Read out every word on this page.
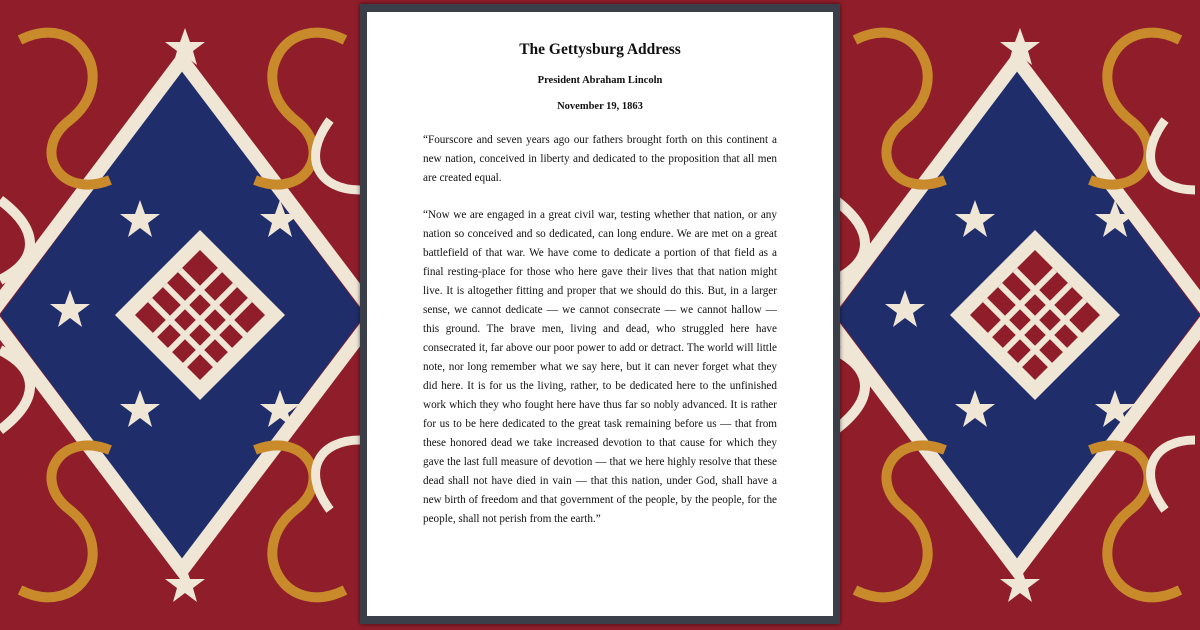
The Gettysburg Address

President Abraham Lincoln

November 19, 1863

“Fourscore and seven years ago our fathers brought forth on this continent a new nation, conceived in liberty and dedicated to the proposition that all men are created equal.

“Now we are engaged in a great civil war, testing whether that nation, or any nation so conceived and so dedicated, can long endure. We are met on a great battlefield of that war. We have come to dedicate a portion of that field as a final resting-place for those who here gave their lives that that nation might live. It is altogether fitting and proper that we should do this. But, in a larger sense, we cannot dedicate — we cannot consecrate — we cannot hallow — this ground. The brave men, living and dead, who struggled here have consecrated it, far above our poor power to add or detract. The world will little note, nor long remember what we say here, but it can never forget what they did here. It is for us the living, rather, to be dedicated here to the unfinished work which they who fought here have thus far so nobly advanced. It is rather for us to be here dedicated to the great task remaining before us — that from these honored dead we take increased devotion to that cause for which they gave the last full measure of devotion — that we here highly resolve that these dead shall not have died in vain — that this nation, under God, shall have a new birth of freedom and that government of the people, by the people, for the people, shall not perish from the earth.”
